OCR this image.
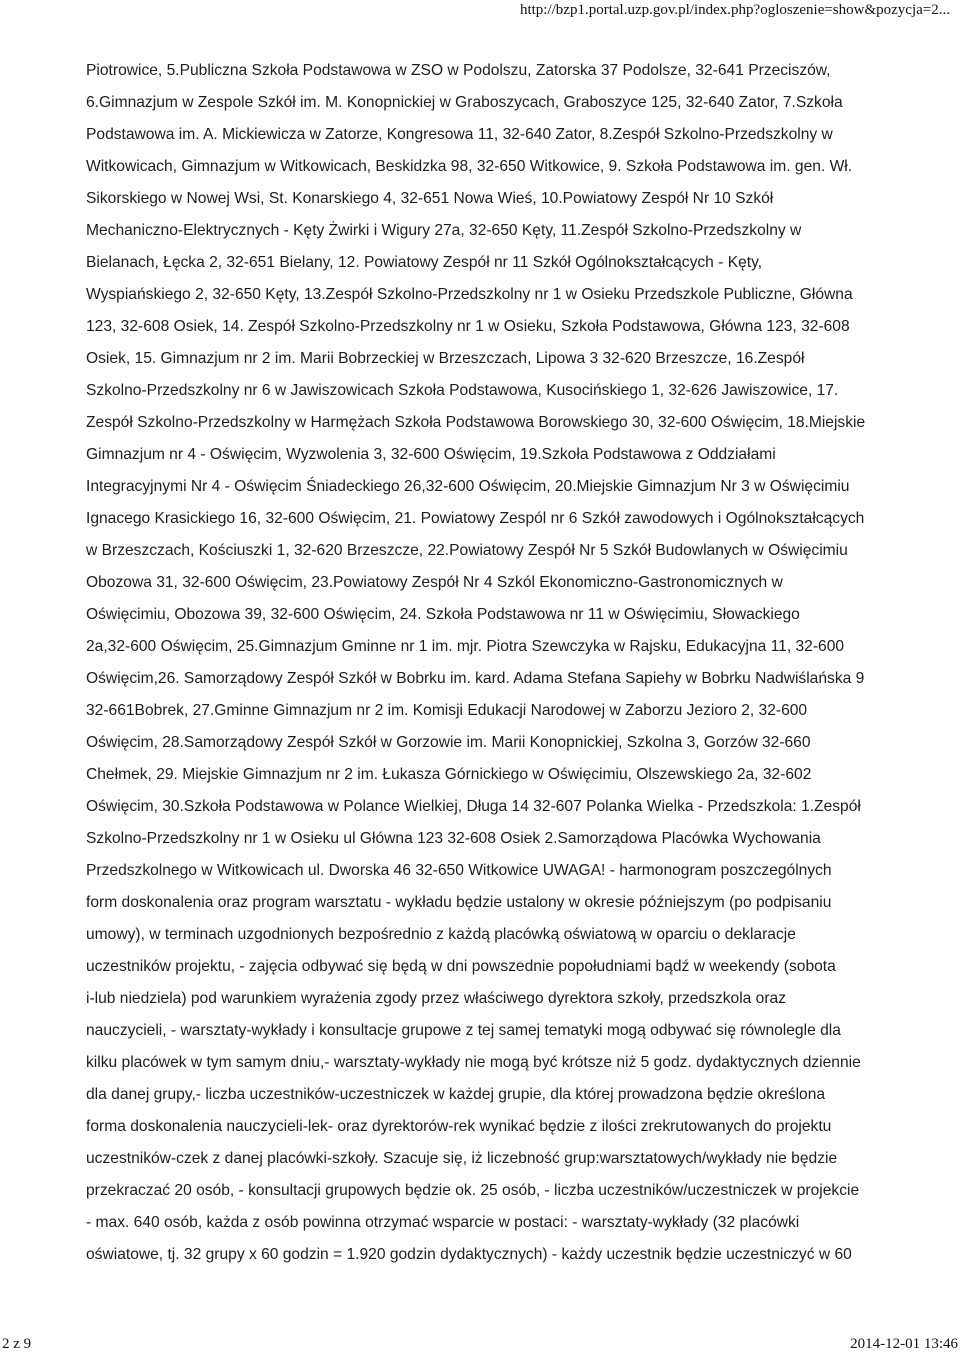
http://bzp1.portal.uzp.gov.pl/index.php?ogloszenie=show&pozycja=2...
Piotrowice, 5.Publiczna Szkoła Podstawowa w ZSO w Podolszu, Zatorska 37 Podolsze, 32-641 Przeciszów,
6.Gimnazjum w Zespole Szkół im. M. Konopnickiej w Graboszycach, Graboszyce 125, 32-640 Zator, 7.Szkoła
Podstawowa im. A. Mickiewicza w Zatorze, Kongresowa 11, 32-640 Zator, 8.Zespół Szkolno-Przedszkolny w
Witkowicach, Gimnazjum w Witkowicach, Beskidzka 98, 32-650 Witkowice, 9. Szkoła Podstawowa im. gen. Wł.
Sikorskiego w Nowej Wsi, St. Konarskiego 4, 32-651 Nowa Wieś, 10.Powiatowy Zespół Nr 10 Szkół
Mechaniczno-Elektrycznych - Kęty Żwirki i Wigury 27a, 32-650 Kęty, 11.Zespół Szkolno-Przedszkolny w
Bielanach, Łęcka 2, 32-651 Bielany, 12. Powiatowy Zespół nr 11 Szkół Ogólnokształcących - Kęty,
Wyspiańskiego 2, 32-650 Kęty, 13.Zespół Szkolno-Przedszkolny nr 1 w Osieku Przedszkole Publiczne, Główna
123, 32-608 Osiek, 14. Zespół Szkolno-Przedszkolny nr 1 w Osieku, Szkoła Podstawowa, Główna 123, 32-608
Osiek, 15. Gimnazjum nr 2 im. Marii Bobrzeckiej w Brzeszczach, Lipowa 3 32-620 Brzeszcze, 16.Zespół
Szkolno-Przedszkolny nr 6 w Jawiszowicach Szkoła Podstawowa, Kusocińskiego 1, 32-626 Jawiszowice, 17.
Zespół Szkolno-Przedszkolny w Harmężach Szkoła Podstawowa Borowskiego 30, 32-600 Oświęcim, 18.Miejskie
Gimnazjum nr 4 - Oświęcim, Wyzwolenia 3, 32-600 Oświęcim, 19.Szkoła Podstawowa z Oddziałami
Integracyjnymi Nr 4 - Oświęcim Śniadeckiego 26,32-600 Oświęcim, 20.Miejskie Gimnazjum Nr 3 w Oświęcimiu
Ignacego Krasickiego 16, 32-600 Oświęcim, 21. Powiatowy Zespól nr 6 Szkół zawodowych i Ogólnokształcących
w Brzeszczach, Kościuszki 1, 32-620 Brzeszcze, 22.Powiatowy Zespół Nr 5 Szkół Budowlanych w Oświęcimiu
Obozowa 31, 32-600 Oświęcim, 23.Powiatowy Zespół Nr 4 Szkól Ekonomiczno-Gastronomicznych w
Oświęcimiu, Obozowa 39, 32-600 Oświęcim, 24. Szkoła Podstawowa nr 11 w Oświęcimiu, Słowackiego
2a,32-600 Oświęcim, 25.Gimnazjum Gminne nr 1 im. mjr. Piotra Szewczyka w Rajsku, Edukacyjna 11, 32-600
Oświęcim,26. Samorządowy Zespół Szkół w Bobrku im. kard. Adama Stefana Sapiehy w Bobrku Nadwiślańska 9
32-661Bobrek, 27.Gminne Gimnazjum nr 2 im. Komisji Edukacji Narodowej w Zaborzu Jezioro 2, 32-600
Oświęcim, 28.Samorządowy Zespół Szkół w Gorzowie im. Marii Konopnickiej, Szkolna 3, Gorzów 32-660
Chełmek, 29. Miejskie Gimnazjum nr 2 im. Łukasza Górnickiego w Oświęcimiu, Olszewskiego 2a, 32-602
Oświęcim, 30.Szkoła Podstawowa w Polance Wielkiej, Długa 14 32-607 Polanka Wielka - Przedszkola: 1.Zespół
Szkolno-Przedszkolny nr 1 w Osieku ul Główna 123 32-608 Osiek 2.Samorządowa Placówka Wychowania
Przedszkolnego w Witkowicach ul. Dworska 46 32-650 Witkowice UWAGA! - harmonogram poszczególnych
form doskonalenia oraz program warsztatu - wykładu będzie ustalony w okresie późniejszym (po podpisaniu
umowy), w terminach uzgodnionych bezpośrednio z każdą placówką oświatową w oparciu o deklaracje
uczestników projektu, - zajęcia odbywać się będą w dni powszednie popołudniami bądź w weekendy (sobota
i-lub niedziela) pod warunkiem wyrażenia zgody przez właściwego dyrektora szkoły, przedszkola oraz
nauczycieli, - warsztaty-wykłady i konsultacje grupowe z tej samej tematyki mogą odbywać się równolegle dla
kilku placówek w tym samym dniu,- warsztaty-wykłady nie mogą być krótsze niż 5 godz. dydaktycznych dziennie
dla danej grupy,- liczba uczestników-uczestniczek w każdej grupie, dla której prowadzona będzie określona
forma doskonalenia nauczycieli-lek- oraz dyrektorów-rek wynikać będzie z ilości zrekrutowanych do projektu
uczestników-czek z danej placówki-szkoły. Szacuje się, iż liczebność grup:warsztatowych/wykłady nie będzie
przekraczać 20 osób, - konsultacji grupowych będzie ok. 25 osób, - liczba uczestników/uczestniczek w projekcie
- max. 640 osób, każda z osób powinna otrzymać wsparcie w postaci: - warsztaty-wykłady (32 placówki
oświatowe, tj. 32 grupy x 60 godzin = 1.920 godzin dydaktycznych) - każdy uczestnik będzie uczestniczyć w 60
2 z 9	2014-12-01 13:46
